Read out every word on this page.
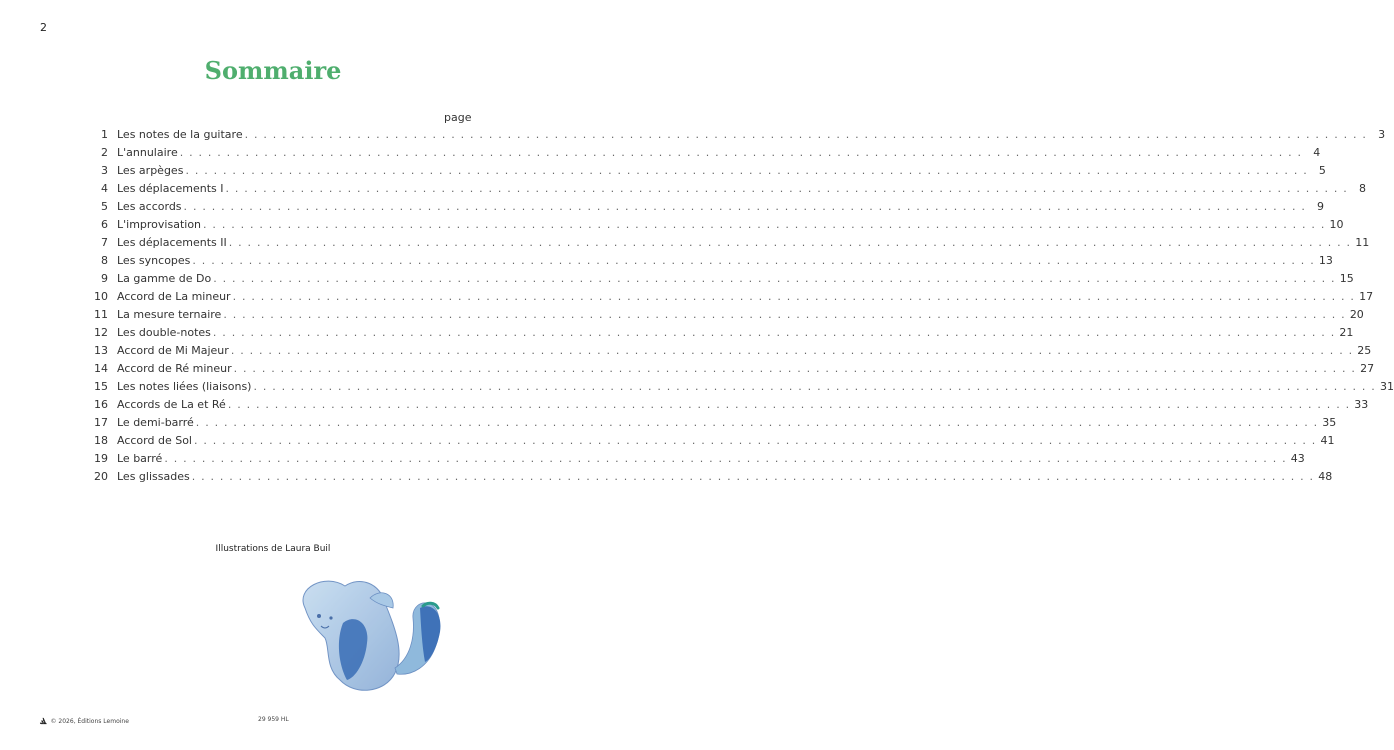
2
Sommaire
page
1 Les notes de la guitare . . . . . . . . . . . . . . . . . . . . . . . . . . . . . . . . . . . . . . . . . . . . . . . . . . . . . . . . . . . . . . . . . . . . . . . . . . . . . . . . . . . . . . . . . . . . . . . . . . . . . . . . . . . . . . . . . . . . . . . .	3
2 L'annulaire . . . . . . . . . . . . . . . . . . . . . . . . . . . . . . . . . . . . . . . . . . . . . . . . . . . . . . . . . . . . . . . . . . . . . . . . . . . . . . . . . . . . . . . . . . . . . . . . . . . . . . . . . . . . . . . . . . . . . . . .	4
3 Les arpèges . . . . . . . . . . . . . . . . . . . . . . . . . . . . . . . . . . . . . . . . . . . . . . . . . . . . . . . . . . . . . . . . . . . . . . . . . . . . . . . . . . . . . . . . . . . . . . . . . . . . . . . . . . . . . . . . . . . . . . . .	5
4 Les déplacements I . . . . . . . . . . . . . . . . . . . . . . . . . . . . . . . . . . . . . . . . . . . . . . . . . . . . . . . . . . . . . . . . . . . . . . . . . . . . . . . . . . . . . . . . . . . . . . . . . . . . . . . . . . . . . . . . . . . . . . . .	8
5 Les accords . . . . . . . . . . . . . . . . . . . . . . . . . . . . . . . . . . . . . . . . . . . . . . . . . . . . . . . . . . . . . . . . . . . . . . . . . . . . . . . . . . . . . . . . . . . . . . . . . . . . . . . . . . . . . . . . . . . . . . . .	9
6 L'improvisation . . . . . . . . . . . . . . . . . . . . . . . . . . . . . . . . . . . . . . . . . . . . . . . . . . . . . . . . . . . . . . . . . . . . . . . . . . . . . . . . . . . . . . . . . . . . . . . . . . . . . . . . . . . . . . . . . . . . . . . . 10
7 Les déplacements II . . . . . . . . . . . . . . . . . . . . . . . . . . . . . . . . . . . . . . . . . . . . . . . . . . . . . . . . . . . . . . . . . . . . . . . . . . . . . . . . . . . . . . . . . . . . . . . . . . . . . . . . . . . . . . . . . . . . . . . . 11
8 Les syncopes . . . . . . . . . . . . . . . . . . . . . . . . . . . . . . . . . . . . . . . . . . . . . . . . . . . . . . . . . . . . . . . . . . . . . . . . . . . . . . . . . . . . . . . . . . . . . . . . . . . . . . . . . . . . . . . . . . . . . . . . 13
9 La gamme de Do . . . . . . . . . . . . . . . . . . . . . . . . . . . . . . . . . . . . . . . . . . . . . . . . . . . . . . . . . . . . . . . . . . . . . . . . . . . . . . . . . . . . . . . . . . . . . . . . . . . . . . . . . . . . . . . . . . . . . . . . 15
10 Accord de La mineur . . . . . . . . . . . . . . . . . . . . . . . . . . . . . . . . . . . . . . . . . . . . . . . . . . . . . . . . . . . . . . . . . . . . . . . . . . . . . . . . . . . . . . . . . . . . . . . . . . . . . . . . . . . . . . . . . . . . . . . . 17
11 La mesure ternaire . . . . . . . . . . . . . . . . . . . . . . . . . . . . . . . . . . . . . . . . . . . . . . . . . . . . . . . . . . . . . . . . . . . . . . . . . . . . . . . . . . . . . . . . . . . . . . . . . . . . . . . . . . . . . . . . . . . . . . . . 20
12 Les double-notes . . . . . . . . . . . . . . . . . . . . . . . . . . . . . . . . . . . . . . . . . . . . . . . . . . . . . . . . . . . . . . . . . . . . . . . . . . . . . . . . . . . . . . . . . . . . . . . . . . . . . . . . . . . . . . . . . . . . . . . . 21
13 Accord de Mi Majeur . . . . . . . . . . . . . . . . . . . . . . . . . . . . . . . . . . . . . . . . . . . . . . . . . . . . . . . . . . . . . . . . . . . . . . . . . . . . . . . . . . . . . . . . . . . . . . . . . . . . . . . . . . . . . . . . . . . . . . . . 25
14 Accord de Ré mineur . . . . . . . . . . . . . . . . . . . . . . . . . . . . . . . . . . . . . . . . . . . . . . . . . . . . . . . . . . . . . . . . . . . . . . . . . . . . . . . . . . . . . . . . . . . . . . . . . . . . . . . . . . . . . . . . . . . . . . . . 27
15 Les notes liées (liaisons) . . . . . . . . . . . . . . . . . . . . . . . . . . . . . . . . . . . . . . . . . . . . . . . . . . . . . . . . . . . . . . . . . . . . . . . . . . . . . . . . . . . . . . . . . . . . . . . . . . . . . . . . . . . . . . . . . . . . . . . . 31
16 Accords de La et Ré . . . . . . . . . . . . . . . . . . . . . . . . . . . . . . . . . . . . . . . . . . . . . . . . . . . . . . . . . . . . . . . . . . . . . . . . . . . . . . . . . . . . . . . . . . . . . . . . . . . . . . . . . . . . . . . . . . . . . . . . 33
17 Le demi-barré . . . . . . . . . . . . . . . . . . . . . . . . . . . . . . . . . . . . . . . . . . . . . . . . . . . . . . . . . . . . . . . . . . . . . . . . . . . . . . . . . . . . . . . . . . . . . . . . . . . . . . . . . . . . . . . . . . . . . . . . 35
18 Accord de Sol . . . . . . . . . . . . . . . . . . . . . . . . . . . . . . . . . . . . . . . . . . . . . . . . . . . . . . . . . . . . . . . . . . . . . . . . . . . . . . . . . . . . . . . . . . . . . . . . . . . . . . . . . . . . . . . . . . . . . . . . 41
19 Le barré . . . . . . . . . . . . . . . . . . . . . . . . . . . . . . . . . . . . . . . . . . . . . . . . . . . . . . . . . . . . . . . . . . . . . . . . . . . . . . . . . . . . . . . . . . . . . . . . . . . . . . . . . . . . . . . . . . . . . . . . 43
20 Les glissades . . . . . . . . . . . . . . . . . . . . . . . . . . . . . . . . . . . . . . . . . . . . . . . . . . . . . . . . . . . . . . . . . . . . . . . . . . . . . . . . . . . . . . . . . . . . . . . . . . . . . . . . . . . . . . . . . . . . . . . . 48
Illustrations de Laura Buil
Ⳛ © 2026, Éditions Lemoine	29 959 HL
